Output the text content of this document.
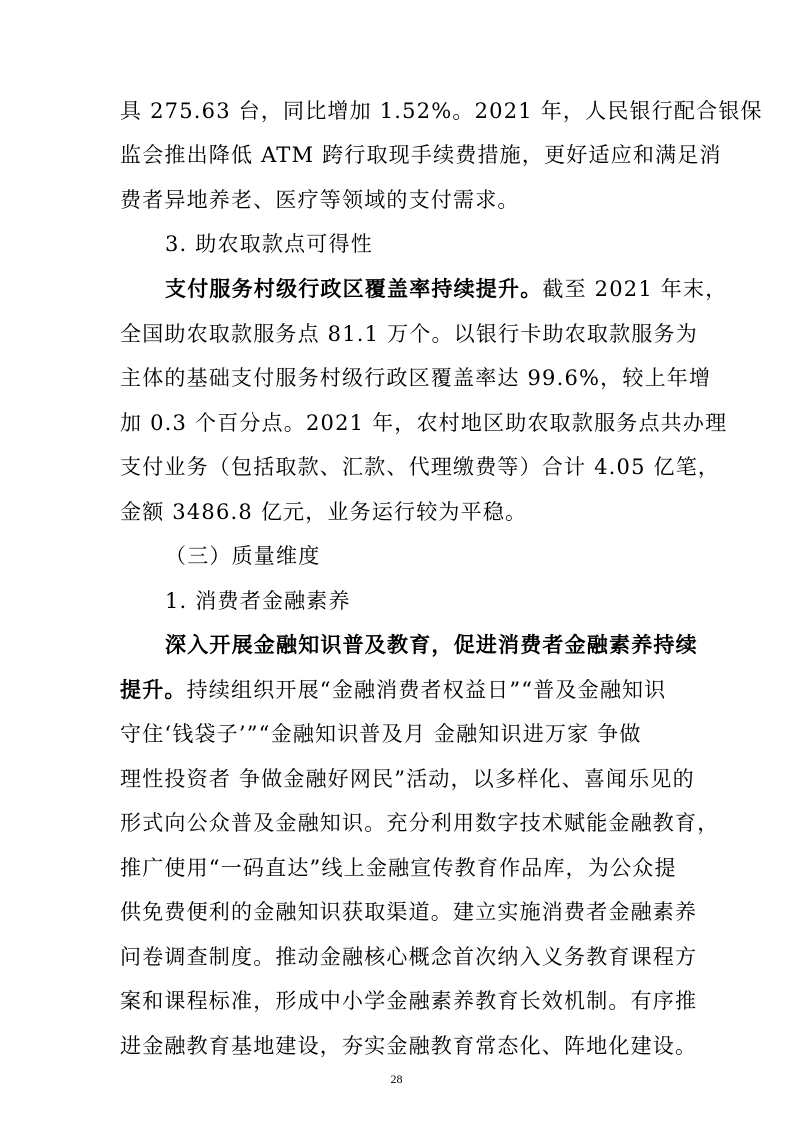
具 275.63 台，同比增加 1.52%。2021 年，人民银行配合银保
监会推出降低 ATM 跨行取现手续费措施，更好适应和满足消
费者异地养老、医疗等领域的支付需求。
3. 助农取款点可得性
支付服务村级行政区覆盖率持续提升。截至 2021 年末，
全国助农取款服务点 81.1 万个。以银行卡助农取款服务为
主体的基础支付服务村级行政区覆盖率达 99.6%，较上年增
加 0.3 个百分点。2021 年，农村地区助农取款服务点共办理
支付业务（包括取款、汇款、代理缴费等）合计 4.05 亿笔，
金额 3486.8 亿元，业务运行较为平稳。
（三）质量维度
1. 消费者金融素养
深入开展金融知识普及教育，促进消费者金融素养持续
提升。持续组织开展“金融消费者权益日”“普及金融知识
守住‘钱袋子’”“金融知识普及月 金融知识进万家 争做
理性投资者 争做金融好网民”活动，以多样化、喜闻乐见的
形式向公众普及金融知识。充分利用数字技术赋能金融教育，
推广使用“一码直达”线上金融宣传教育作品库，为公众提
供免费便利的金融知识获取渠道。建立实施消费者金融素养
问卷调查制度。推动金融核心概念首次纳入义务教育课程方
案和课程标准，形成中小学金融素养教育长效机制。有序推
进金融教育基地建设，夯实金融教育常态化、阵地化建设。
28
